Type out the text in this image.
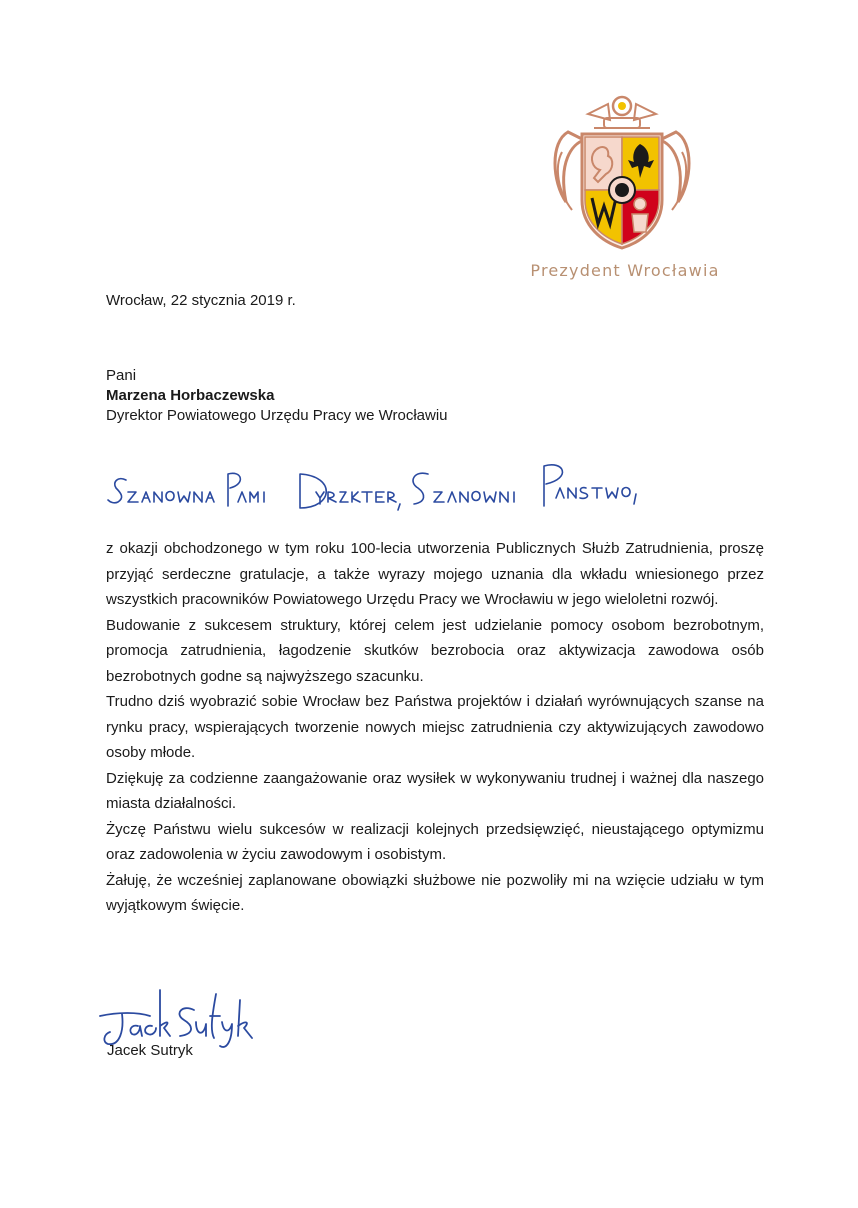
Prezydent Wrocławia
Wrocław, 22 stycznia 2019 r.
Pani
Marzena Horbaczewska
Dyrektor Powiatowego Urzędu Pracy we Wrocławiu

z okazji obchodzonego w tym roku 100-lecia utworzenia Publicznych Służb Zatrudnienia, proszę przyjąć serdeczne gratulacje, a także wyrazy mojego uznania dla wkładu wniesionego przez wszystkich pracowników Powiatowego Urzędu Pracy we Wrocławiu w jego wieloletni rozwój.

Budowanie z sukcesem struktury, której celem jest udzielanie pomocy osobom bezrobotnym, promocja zatrudnienia, łagodzenie skutków bezrobocia oraz aktywizacja zawodowa osób bezrobotnych godne są najwyższego szacunku.

Trudno dziś wyobrazić sobie Wrocław bez Państwa projektów i działań wyrównujących szanse na rynku pracy, wspierających tworzenie nowych miejsc zatrudnienia czy aktywizujących zawodowo osoby młode.

Dziękuję za codzienne zaangażowanie oraz wysiłek w wykonywaniu trudnej i ważnej dla naszego miasta działalności.

Życzę Państwu wielu sukcesów w realizacji kolejnych przedsięwzięć, nieustającego optymizmu oraz zadowolenia w życiu zawodowym i osobistym.

Żałuję, że wcześniej zaplanowane obowiązki służbowe nie pozwoliły mi na wzięcie udziału w tym wyjątkowym święcie.

Jacek Sutryk
